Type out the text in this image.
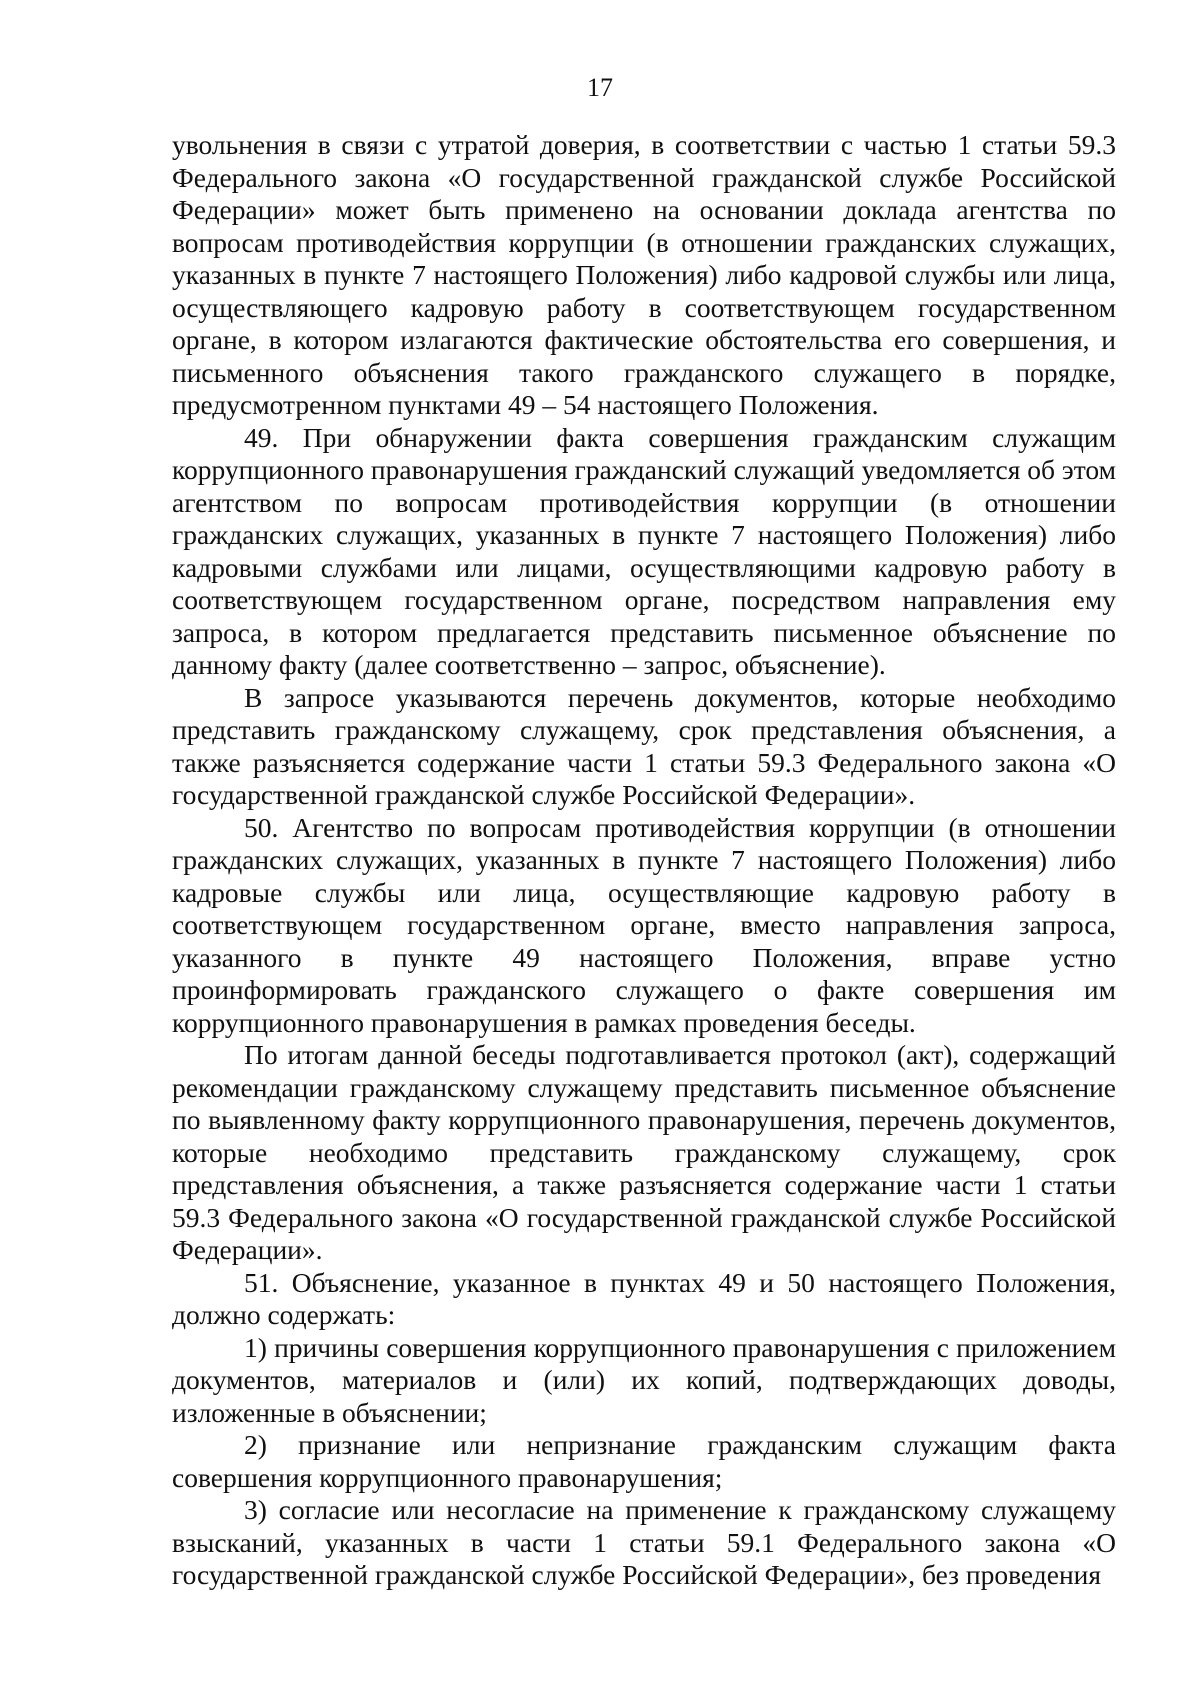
17

увольнения в связи с утратой доверия, в соответствии с частью 1 статьи 59.3 Федерального закона «О государственной гражданской службе Российской Федерации» может быть применено на основании доклада агентства по вопросам противодействия коррупции (в отношении гражданских служащих, указанных в пункте 7 настоящего Положения) либо кадровой службы или лица, осуществляющего кадровую работу в соответствующем государственном органе, в котором излагаются фактические обстоятельства его совершения, и письменного объяснения такого гражданского служащего в порядке, предусмотренном пунктами 49 – 54 настоящего Положения.

49. При обнаружении факта совершения гражданским служащим коррупционного правонарушения гражданский служащий уведомляется об этом агентством по вопросам противодействия коррупции (в отношении гражданских служащих, указанных в пункте 7 настоящего Положения) либо кадровыми службами или лицами, осуществляющими кадровую работу в соответствующем государственном органе, посредством направления ему запроса, в котором предлагается представить письменное объяснение по данному факту (далее соответственно – запрос, объяснение).

В запросе указываются перечень документов, которые необходимо представить гражданскому служащему, срок представления объяснения, а также разъясняется содержание части 1 статьи 59.3 Федерального закона «О государственной гражданской службе Российской Федерации».

50. Агентство по вопросам противодействия коррупции (в отношении гражданских служащих, указанных в пункте 7 настоящего Положения) либо кадровые службы или лица, осуществляющие кадровую работу в соответствующем государственном органе, вместо направления запроса, указанного в пункте 49 настоящего Положения, вправе устно проинформировать гражданского служащего о факте совершения им коррупционного правонарушения в рамках проведения беседы.

По итогам данной беседы подготавливается протокол (акт), содержащий рекомендации гражданскому служащему представить письменное объяснение по выявленному факту коррупционного правонарушения, перечень документов, которые необходимо представить гражданскому служащему, срок представления объяснения, а также разъясняется содержание части 1 статьи 59.3 Федерального закона «О государственной гражданской службе Российской Федерации».

51. Объяснение, указанное в пунктах 49 и 50 настоящего Положения, должно содержать:

1) причины совершения коррупционного правонарушения с приложением документов, материалов и (или) их копий, подтверждающих доводы, изложенные в объяснении;

2) признание или непризнание гражданским служащим факта совершения коррупционного правонарушения;

3) согласие или несогласие на применение к гражданскому служащему взысканий, указанных в части 1 статьи 59.1 Федерального закона «О государственной гражданской службе Российской Федерации», без проведения
